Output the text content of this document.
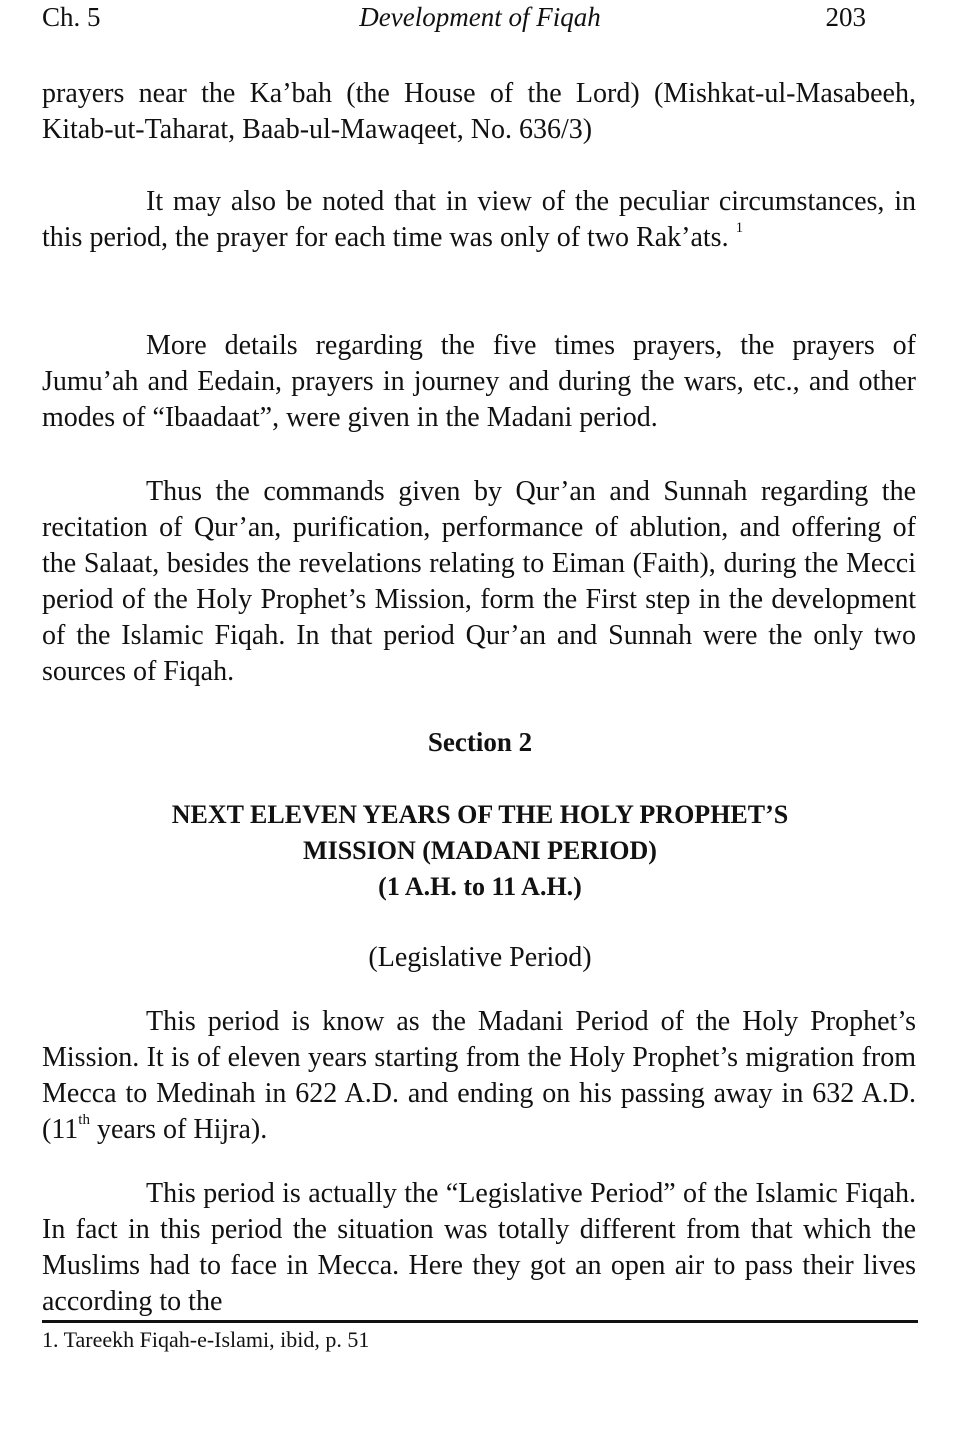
Ch. 5	Development of Fiqah	203

prayers near the Ka’bah (the House of the Lord) (Mishkat-ul-Masabeeh, Kitab-ut-Taharat, Baab-ul-Mawaqeet, No. 636/3)

It may also be noted that in view of the peculiar circumstances, in this period, the prayer for each time was only of two Rak’ats. $^1$

More details regarding the five times prayers, the prayers of Jumu’ah and Eedain, prayers in journey and during the wars, etc., and other modes of “Ibaadaat”, were given in the Madani period.

Thus the commands given by Qur’an and Sunnah regarding the recitation of Qur’an, purification, performance of ablution, and offering of the Salaat, besides the revelations relating to Eiman (Faith), during the Mecci period of the Holy Prophet’s Mission, form the First step in the development of the Islamic Fiqah. In that period Qur’an and Sunnah were the only two sources of Fiqah.

Section 2

NEXT ELEVEN YEARS OF THE HOLY PROPHET’S
MISSION (MADANI PERIOD)
(1 A.H. to 11 A.H.)

(Legislative Period)

This period is know as the Madani Period of the Holy Prophet’s Mission. It is of eleven years starting from the Holy Prophet’s migration from Mecca to Medinah in 622 A.D. and ending on his passing away in 632 A.D. (11th years of Hijra).

This period is actually the “Legislative Period” of the Islamic Fiqah. In fact in this period the situation was totally different from that which the Muslims had to face in Mecca. Here they got an open air to pass their lives according to the

1. Tareekh Fiqah-e-Islami, ibid, p. 51
